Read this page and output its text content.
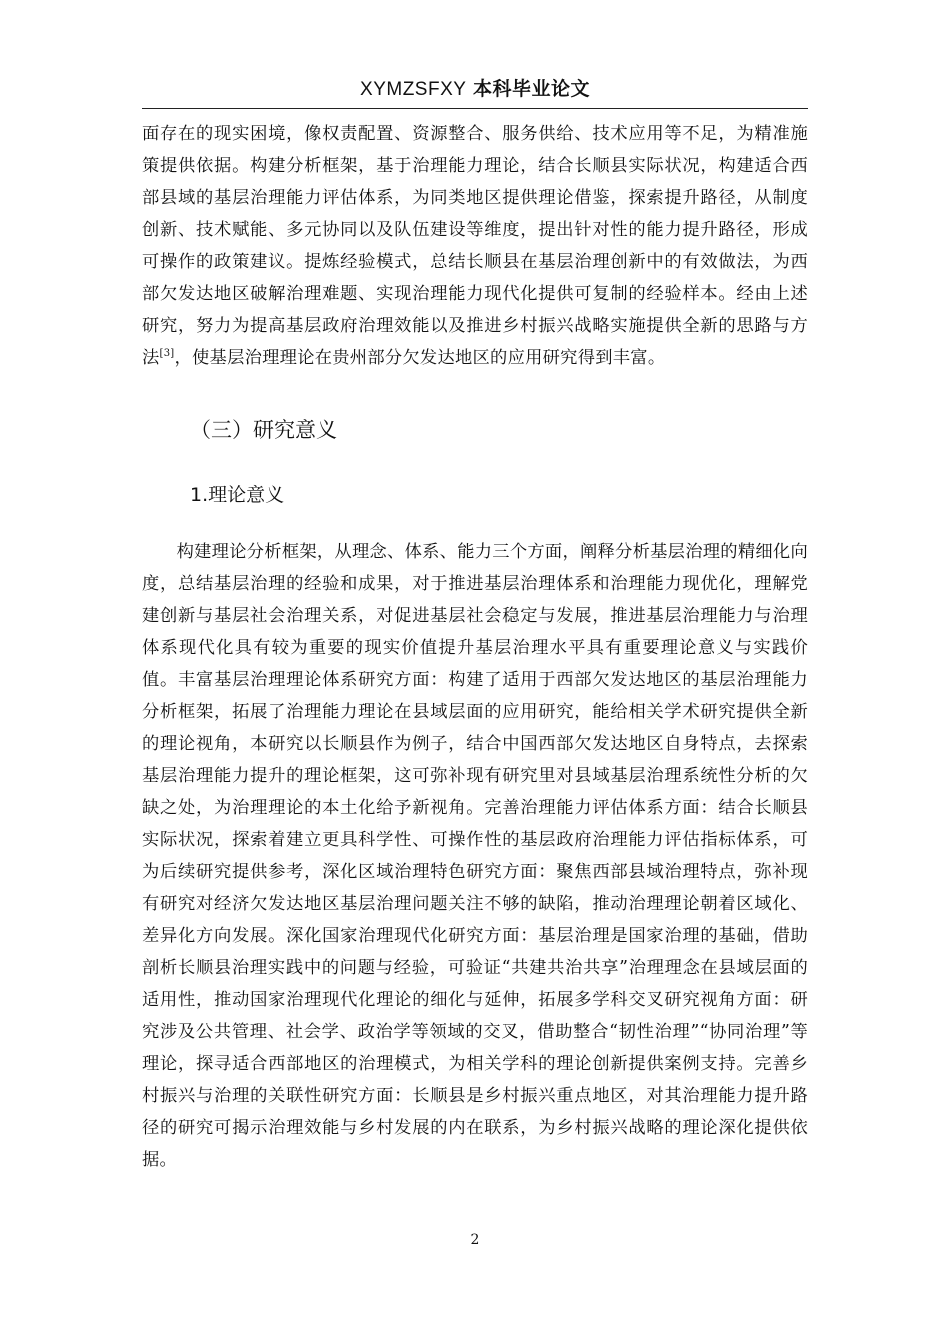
XYMZSFXY 本科毕业论文

面存在的现实困境，像权责配置、资源整合、服务供给、技术应用等不足，为精准施策提供依据。构建分析框架，基于治理能力理论，结合长顺县实际状况，构建适合西部县域的基层治理能力评估体系，为同类地区提供理论借鉴，探索提升路径，从制度创新、技术赋能、多元协同以及队伍建设等维度，提出针对性的能力提升路径，形成可操作的政策建议。提炼经验模式，总结长顺县在基层治理创新中的有效做法，为西部欠发达地区破解治理难题、实现治理能力现代化提供可复制的经验样本。经由上述研究，努力为提高基层政府治理效能以及推进乡村振兴战略实施提供全新的思路与方法[3]，使基层治理理论在贵州部分欠发达地区的应用研究得到丰富。

（三）研究意义
1.理论意义

构建理论分析框架，从理念、体系、能力三个方面，阐释分析基层治理的精细化向度，总结基层治理的经验和成果，对于推进基层治理体系和治理能力现优化，理解党建创新与基层社会治理关系，对促进基层社会稳定与发展，推进基层治理能力与治理体系现代化具有较为重要的现实价值提升基层治理水平具有重要理论意义与实践价值。丰富基层治理理论体系研究方面：构建了适用于西部欠发达地区的基层治理能力分析框架，拓展了治理能力理论在县域层面的应用研究，能给相关学术研究提供全新的理论视角，本研究以长顺县作为例子，结合中国西部欠发达地区自身特点，去探索基层治理能力提升的理论框架，这可弥补现有研究里对县域基层治理系统性分析的欠缺之处，为治理理论的本土化给予新视角。完善治理能力评估体系方面：结合长顺县实际状况，探索着建立更具科学性、可操作性的基层政府治理能力评估指标体系，可为后续研究提供参考，深化区域治理特色研究方面：聚焦西部县域治理特点，弥补现有研究对经济欠发达地区基层治理问题关注不够的缺陷，推动治理理论朝着区域化、差异化方向发展。深化国家治理现代化研究方面：基层治理是国家治理的基础，借助剖析长顺县治理实践中的问题与经验，可验证“共建共治共享”治理理念在县域层面的适用性，推动国家治理现代化理论的细化与延伸，拓展多学科交叉研究视角方面：研究涉及公共管理、社会学、政治学等领域的交叉，借助整合“韧性治理”“协同治理”等理论，探寻适合西部地区的治理模式，为相关学科的理论创新提供案例支持。完善乡村振兴与治理的关联性研究方面：长顺县是乡村振兴重点地区，对其治理能力提升路径的研究可揭示治理效能与乡村发展的内在联系，为乡村振兴战略的理论深化提供依据。

2
